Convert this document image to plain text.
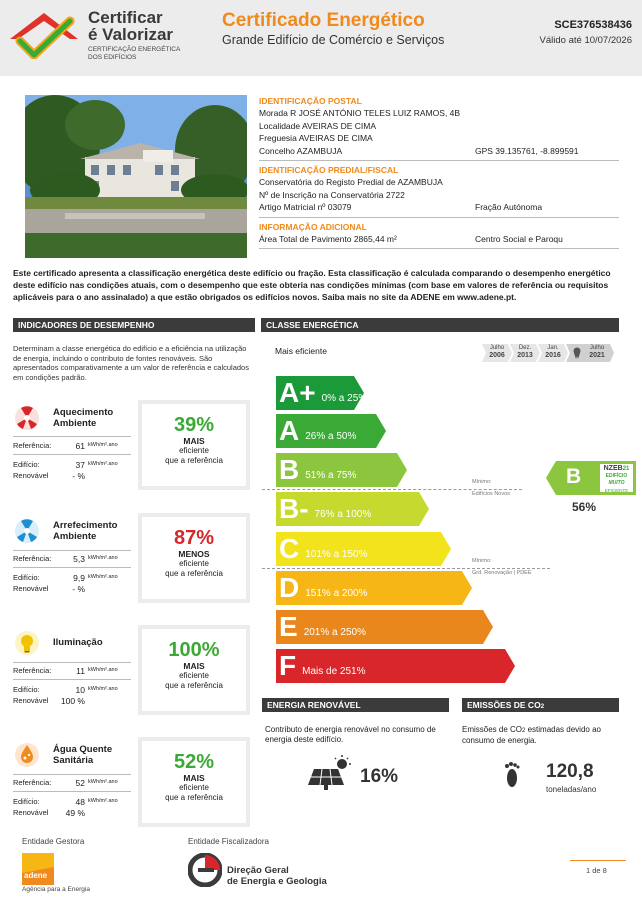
Certificar
é Valorizar
CERTIFICAÇÃO ENERGÉTICA
DOS EDIFÍCIOS
Certificado Energético
Grande Edifício de Comércio e Serviços
SCE376538436
Válido até 10/07/2026
IDENTIFICAÇÃO POSTAL
Morada R JOSÉ ANTÓNIO TELES LUIZ RAMOS, 4B
Localidade AVEIRAS DE CIMA
Freguesia AVEIRAS DE CIMA
Concelho AZAMBUJA	GPS 39.135761, -8.899591
IDENTIFICAÇÃO PREDIAL/FISCAL
Conservatória do Registo Predial de AZAMBUJA
Nº de Inscrição na Conservatória 2722
Artigo Matricial nº 03079	Fração Autónoma
INFORMAÇÃO ADICIONAL
Área Total de Pavimento 2865,44 m²	Centro Social e Paroqu
Este certificado apresenta a classificação energética deste edifício ou fração. Esta classificação é calculada comparando o desempenho energético deste edifício nas condições atuais, com o desempenho que este obteria nas condições mínimas (com base em valores de referência ou requisitos aplicáveis para o ano assinalado) a que estão obrigados os edifícios novos. Saiba mais no site da ADENE em www.adene.pt.
INDICADORES DE DESEMPENHO	CLASSE ENERGÉTICA
Determinam a classe energética do edifício e a eficiência na utilização de energia, incluindo o contributo de fontes renováveis. São apresentados comparativamente a um valor de referência e calculados em condições padrão.
Aquecimento Ambiente
Referência:	61 kWh/m².ano
Edifício:	37 kWh/m².ano
Renovável	- %
39%
MAIS
eficiente
que a referência
Arrefecimento Ambiente
Referência:	5,3 kWh/m².ano
Edifício:	9,9 kWh/m².ano
Renovável	- %
87%
MENOS
eficiente
que a referência
Iluminação
Referência:	11 kWh/m².ano
Edifício:	10 kWh/m².ano
Renovável	100 %
100%
MAIS
eficiente
que a referência
Água Quente Sanitária
Referência:	52 kWh/m².ano
Edifício:	48 kWh/m².ano
Renovável	49 %
52%
MAIS
eficiente
que a referência
Mais eficiente	Julho
2006
Dez.
2013
Jan.
2016
Julho
2021
A+ 0% a 25%
A 26% a 50%
B 51% a 75%
B- 76% a 100%
C 101% a 150%
D 151% a 200%
E 201% a 250%
F Mais de 251%
Mínimo:
Edifícios Novos
Mínimo:
Grd. Renovação | PDEE
B	NZEB21
EDIFÍCIO
MUITO
EFICIENTE
56%
ENERGIA RENOVÁVEL
Contributo de energia renovável no consumo de energia deste edifício.
16%
EMISSÕES DE CO2
Emissões de CO2 estimadas devido ao consumo de energia.
120,8
toneladas/ano
Entidade Gestora
adene
Agência para a Energia
Entidade Fiscalizadora
Direção Geral
de Energia e Geologia
1 de 8
